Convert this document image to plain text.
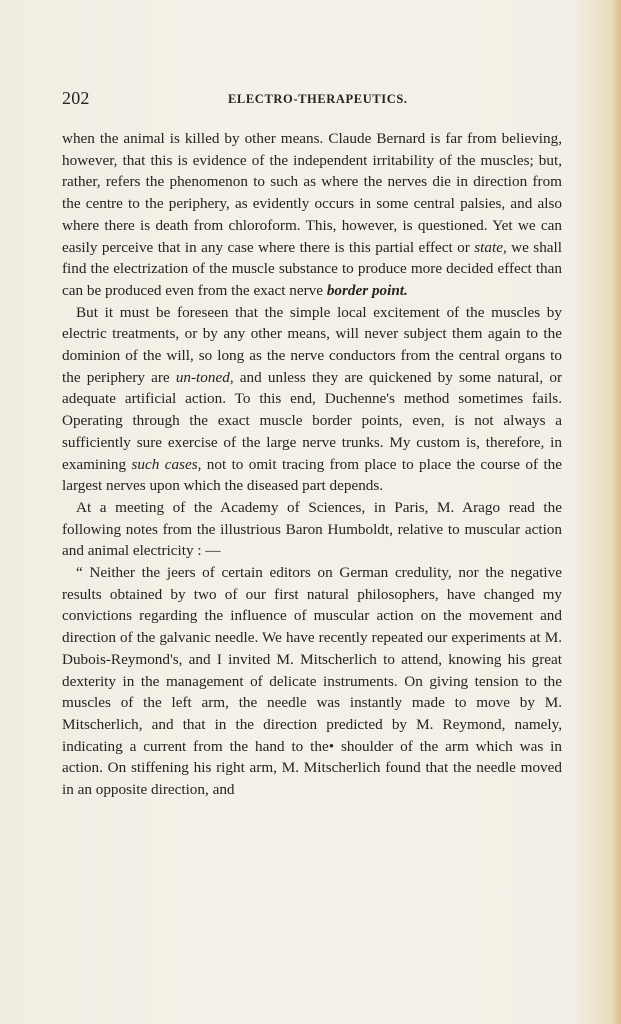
202	ELECTRO-THERAPEUTICS.

when the animal is killed by other means. Claude Bernard is far from believing, however, that this is evidence of the independent irritability of the muscles; but, rather, refers the phenomenon to such as where the nerves die in direction from the centre to the periphery, as evidently occurs in some central palsies, and also where there is death from chloroform. This, however, is questioned. Yet we can easily perceive that in any case where there is this partial effect or state, we shall find the electrization of the muscle substance to produce more decided effect than can be produced even from the exact nerve border point.

But it must be foreseen that the simple local excitement of the muscles by electric treatments, or by any other means, will never subject them again to the dominion of the will, so long as the nerve conductors from the central organs to the periphery are un-toned, and unless they are quickened by some natural, or adequate artificial action. To this end, Duchenne's method sometimes fails. Operating through the exact muscle border points, even, is not always a sufficiently sure exercise of the large nerve trunks. My custom is, therefore, in examining such cases, not to omit tracing from place to place the course of the largest nerves upon which the diseased part depends.

At a meeting of the Academy of Sciences, in Paris, M. Arago read the following notes from the illustrious Baron Humboldt, relative to muscular action and animal electricity : —

“ Neither the jeers of certain editors on German credulity, nor the negative results obtained by two of our first natural philosophers, have changed my convictions regarding the influence of muscular action on the movement and direction of the galvanic needle. We have recently repeated our experiments at M. Dubois-Reymond's, and I invited M. Mitscherlich to attend, knowing his great dexterity in the management of delicate instruments. On giving tension to the muscles of the left arm, the needle was instantly made to move by M. Mitscherlich, and that in the direction predicted by M. Reymond, namely, indicating a current from the hand to the• shoulder of the arm which was in action. On stiffening his right arm, M. Mitscherlich found that the needle moved in an opposite direction, and
